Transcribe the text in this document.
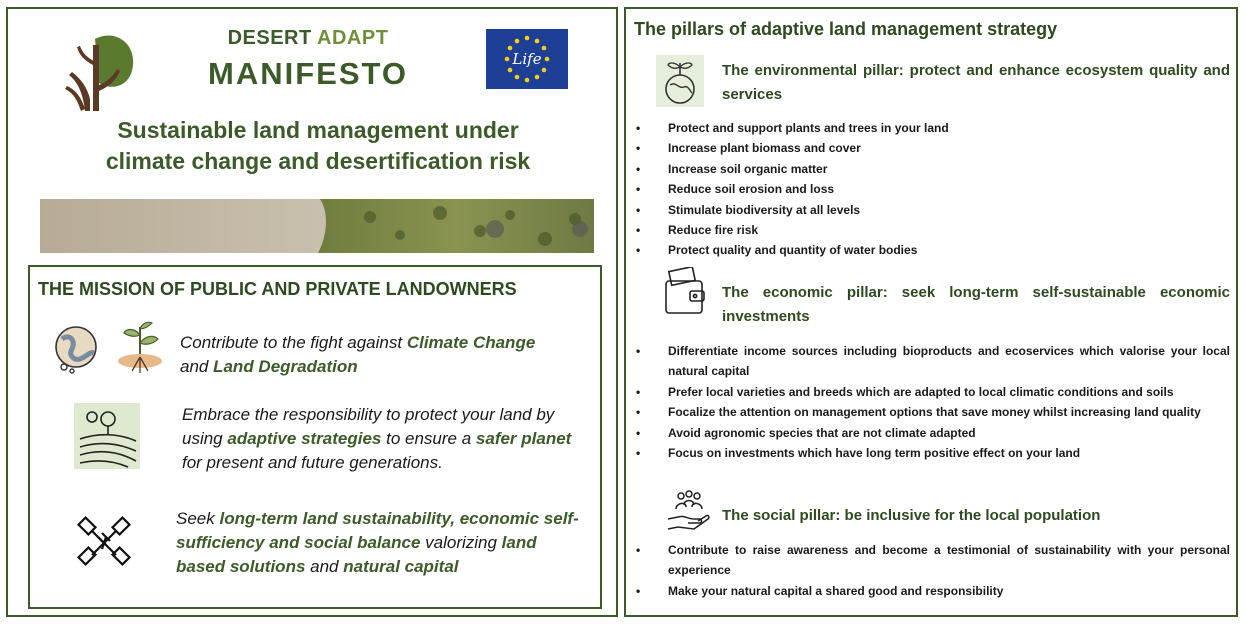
DESERT ADAPT
MANIFESTO	Life
Sustainable land management under
climate change and desertification risk
THE MISSION OF PUBLIC AND PRIVATE LANDOWNERS
Contribute to the fight against Climate Change
and Land Degradation
Embrace the responsibility to protect your land by using adaptive strategies to ensure a safer planet for present and future generations.
Seek long-term land sustainability, economic self-sufficiency and social balance valorizing land based solutions and natural capital
The pillars of adaptive land management strategy
The environmental pillar: protect and enhance ecosystem quality and services
• Protect and support plants and trees in your land
• Increase plant biomass and cover
• Increase soil organic matter
• Reduce soil erosion and loss
• Stimulate biodiversity at all levels
• Reduce fire risk
• Protect quality and quantity of water bodies
The economic pillar: seek long-term self-sustainable economic investments
• Differentiate income sources including bioproducts and ecoservices which valorise your local natural capital
• Prefer local varieties and breeds which are adapted to local climatic conditions and soils
• Focalize the attention on management options that save money whilst increasing land quality
• Avoid agronomic species that are not climate adapted
• Focus on investments which have long term positive effect on your land
The social pillar: be inclusive for the local population
• Contribute to raise awareness and become a testimonial of sustainability with your personal experience
• Make your natural capital a shared good and responsibility
